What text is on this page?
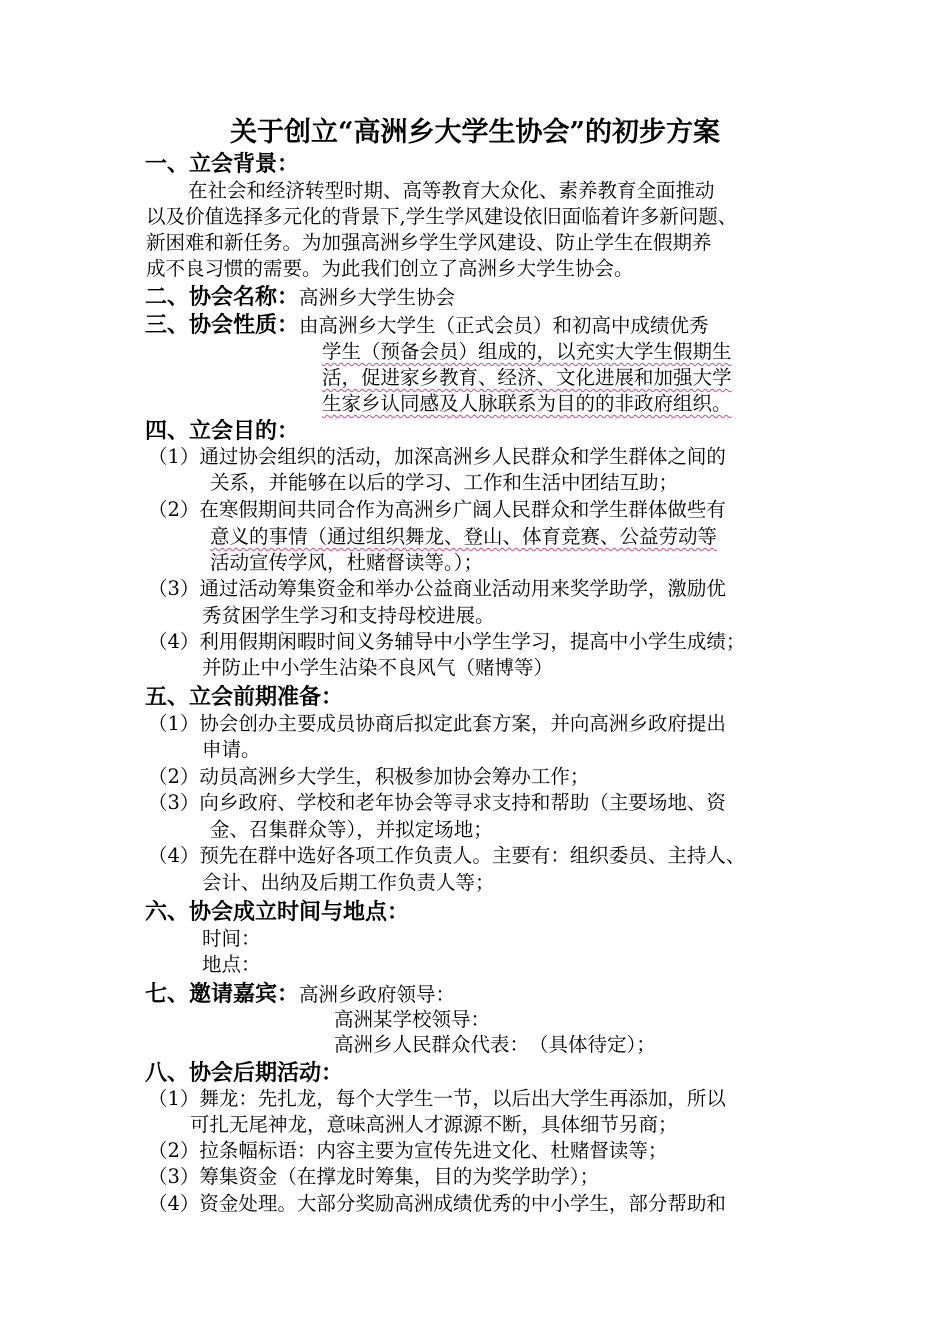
关于创立“高洲乡大学生协会”的初步方案
一、立会背景：
在社会和经济转型时期、高等教育大众化、素养教育全面推动
以及价值选择多元化的背景下,学生学风建设依旧面临着许多新问题、
新困难和新任务。为加强高洲乡学生学风建设、防止学生在假期养
成不良习惯的需要。为此我们创立了高洲乡大学生协会。
二、协会名称：高洲乡大学生协会
三、协会性质：由高洲乡大学生（正式会员）和初高中成绩优秀
学生（预备会员）组成的，以充实大学生假期生
活，促进家乡教育、经济、文化进展和加强大学
生家乡认同感及人脉联系为目的的非政府组织。
四、立会目的：
（1）通过协会组织的活动，加深高洲乡人民群众和学生群体之间的
关系，并能够在以后的学习、工作和生活中团结互助；
（2）在寒假期间共同合作为高洲乡广阔人民群众和学生群体做些有
意义的事情（通过组织舞龙、登山、体育竞赛、公益劳动等
活动宣传学风，杜赌督读等。）；
（3）通过活动筹集资金和举办公益商业活动用来奖学助学，激励优
秀贫困学生学习和支持母校进展。
（4）利用假期闲暇时间义务辅导中小学生学习，提高中小学生成绩；
并防止中小学生沾染不良风气（赌博等）
五、立会前期准备：
（1）协会创办主要成员协商后拟定此套方案，并向高洲乡政府提出
申请。
（2）动员高洲乡大学生，积极参加协会筹办工作；
（3）向乡政府、学校和老年协会等寻求支持和帮助（主要场地、资
金、召集群众等），并拟定场地；
（4）预先在群中选好各项工作负责人。主要有：组织委员、主持人、
会计、出纳及后期工作负责人等；
六、协会成立时间与地点：
时间：
地点：
七、邀请嘉宾：高洲乡政府领导：
高洲某学校领导：
高洲乡人民群众代表：　（具体待定）；
八、协会后期活动：
（1）舞龙：先扎龙，每个大学生一节，以后出大学生再添加，所以
可扎无尾神龙，意味高洲人才源源不断，具体细节另商；
（2）拉条幅标语：内容主要为宣传先进文化、杜赌督读等；
（3）筹集资金（在撑龙时筹集，目的为奖学助学）；
（4）资金处理。大部分奖励高洲成绩优秀的中小学生，部分帮助和
